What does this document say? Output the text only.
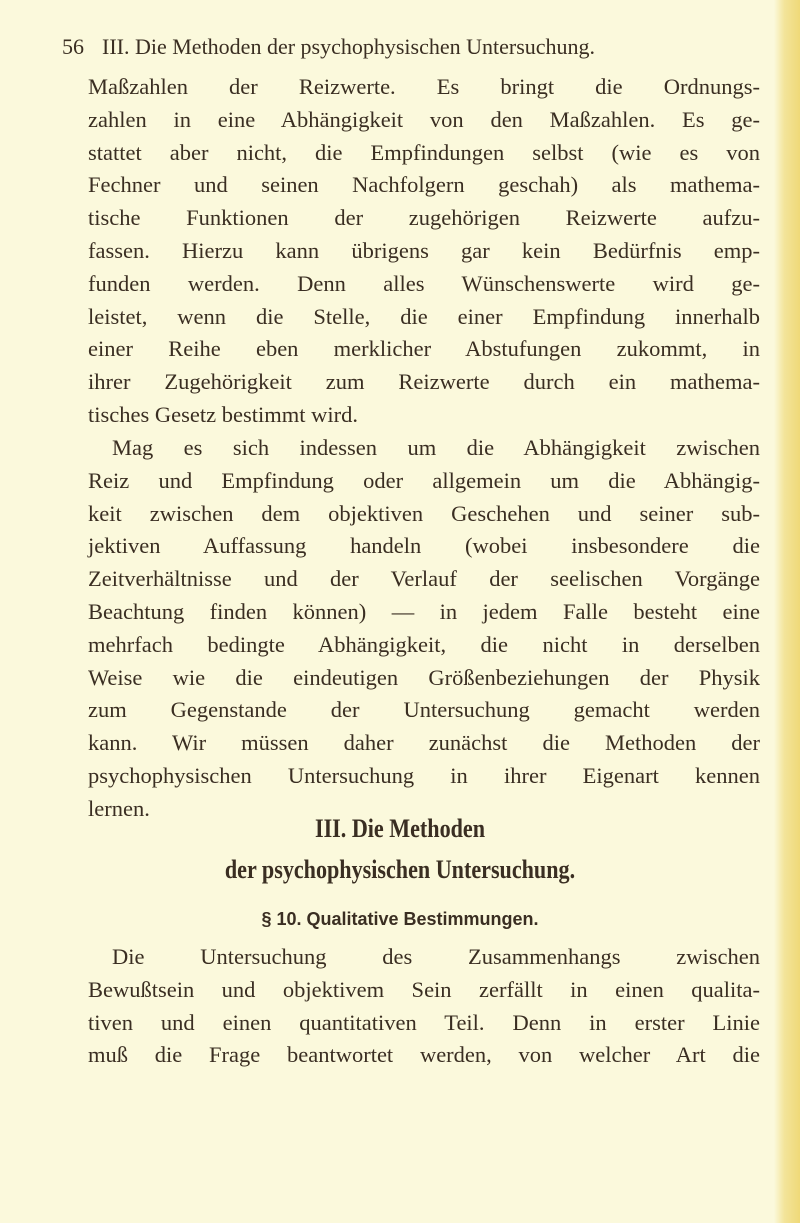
56 III. Die Methoden der psychophysischen Untersuchung.
Maßzahlen der Reizwerte. Es bringt die Ordnungs-
zahlen in eine Abhängigkeit von den Maßzahlen. Es ge-
stattet aber nicht, die Empfindungen selbst (wie es von
Fechner und seinen Nachfolgern geschah) als mathema-
tische Funktionen der zugehörigen Reizwerte aufzu-
fassen. Hierzu kann übrigens gar kein Bedürfnis emp-
funden werden. Denn alles Wünschenswerte wird ge-
leistet, wenn die Stelle, die einer Empfindung innerhalb
einer Reihe eben merklicher Abstufungen zukommt, in
ihrer Zugehörigkeit zum Reizwerte durch ein mathema-
tisches Gesetz bestimmt wird.
Mag es sich indessen um die Abhängigkeit zwischen
Reiz und Empfindung oder allgemein um die Abhängig-
keit zwischen dem objektiven Geschehen und seiner sub-
jektiven Auffassung handeln (wobei insbesondere die
Zeitverhältnisse und der Verlauf der seelischen Vorgänge
Beachtung finden können) — in jedem Falle besteht eine
mehrfach bedingte Abhängigkeit, die nicht in derselben
Weise wie die eindeutigen Größenbeziehungen der Physik
zum Gegenstande der Untersuchung gemacht werden
kann. Wir müssen daher zunächst die Methoden der
psychophysischen Untersuchung in ihrer Eigenart kennen
lernen.
III. Die Methoden
der psychophysischen Untersuchung.
§ 10. Qualitative Bestimmungen.
Die Untersuchung des Zusammenhangs zwischen
Bewußtsein und objektivem Sein zerfällt in einen qualita-
tiven und einen quantitativen Teil. Denn in erster Linie
muß die Frage beantwortet werden, von welcher Art die
